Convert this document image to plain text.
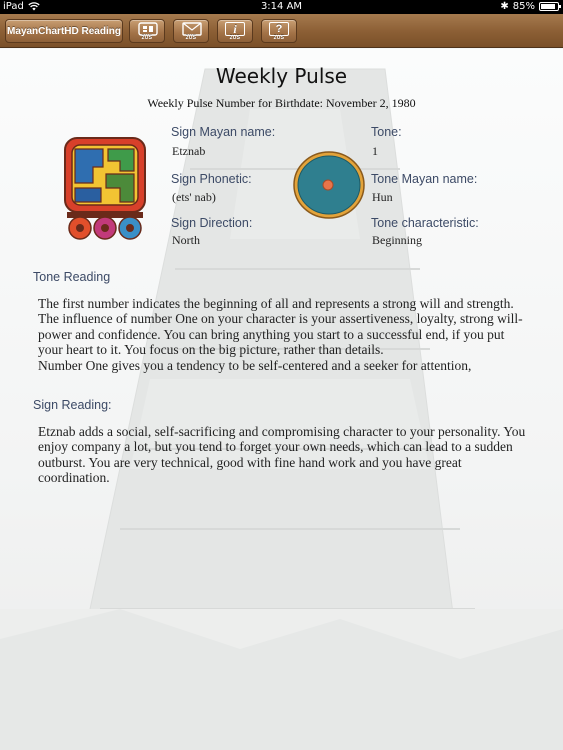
iPad	3:14 AM	✱ 85%
MayanChartHD Reading
2US	2US
i
2US
?
2US
Weekly Pulse
Weekly Pulse Number for Birthdate: November 2, 1980
Sign Mayan name:
Etznab
Sign Phonetic:
(ets' nab)
Sign Direction:
North
Tone:
1
Tone Mayan name:
Hun
Tone characteristic:
Beginning
Tone Reading
The first number indicates the beginning of all and represents a strong will and strength. The influence of number One on your character is your assertiveness, loyalty, strong will-power and confidence. You can bring anything you start to a successful end, if you put your heart to it. You focus on the big picture, rather than details.
Number One gives you a tendency to be self-centered and a seeker for attention,
Sign Reading:
Etznab adds a social, self-sacrificing and compromising character to your personality. You enjoy company a lot, but you tend to forget your own needs, which can lead to a sudden outburst. You are very technical, good with fine hand work and you have great coordination.
